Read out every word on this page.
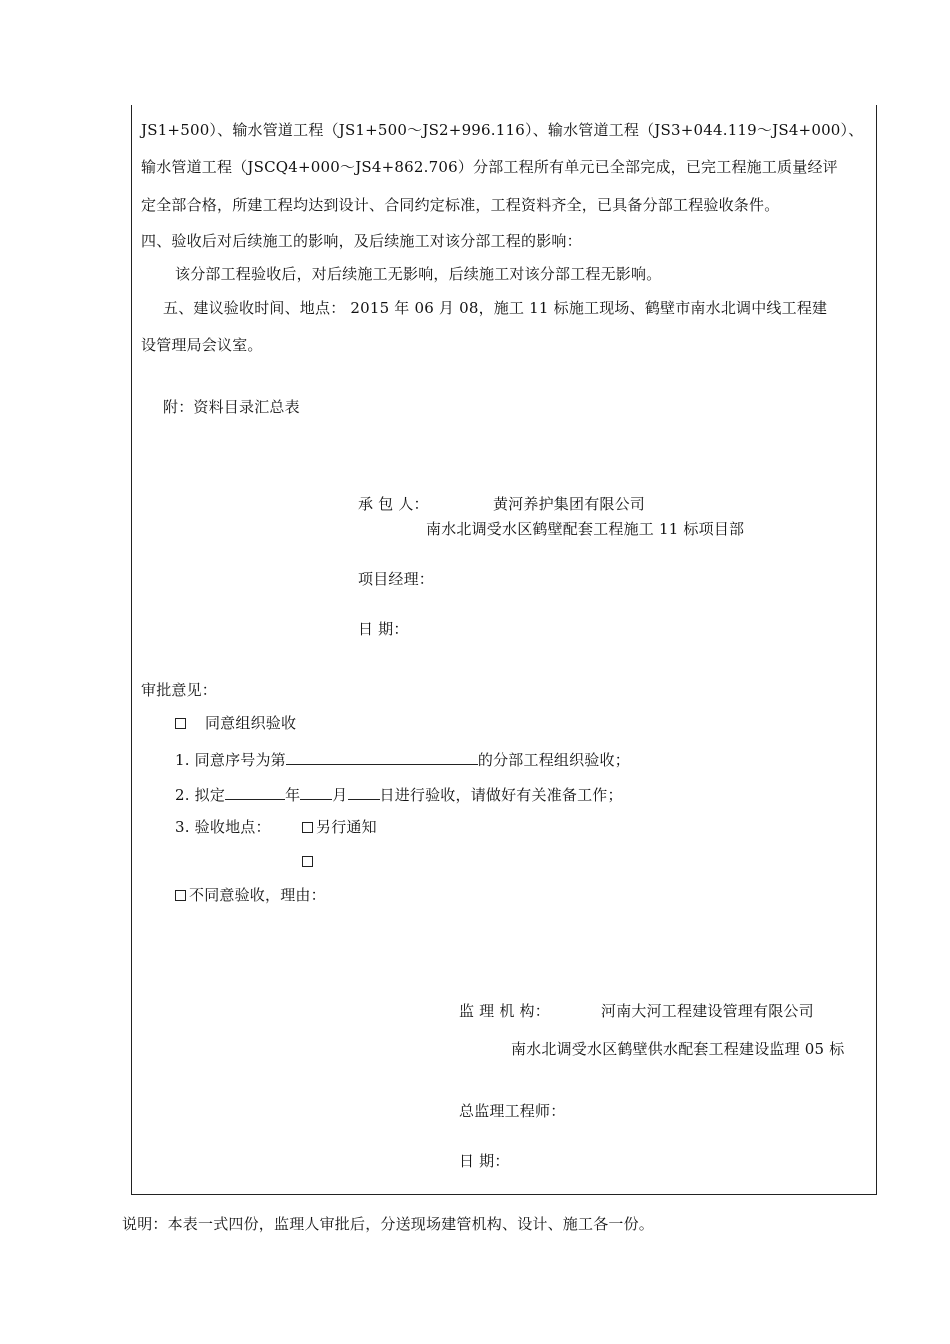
JS1+500）、输水管道工程（JS1+500～JS2+996.116）、输水管道工程（JS3+044.119～JS4+000）、
输水管道工程（JSCQ4+000～JS4+862.706）分部工程所有单元已全部完成，已完工程施工质量经评
定全部合格，所建工程均达到设计、合同约定标准，工程资料齐全，已具备分部工程验收条件。
四、验收后对后续施工的影响，及后续施工对该分部工程的影响：
该分部工程验收后，对后续施工无影响，后续施工对该分部工程无影响。
五、建议验收时间、地点： 2015 年 06 月 08，施工 11 标施工现场、鹤壁市南水北调中线工程建
设管理局会议室。
附：资料目录汇总表
承 包 人：	黄河养护集团有限公司
南水北调受水区鹤壁配套工程施工 11 标项目部
项目经理：
日 期：
审批意见：
同意组织验收
1. 同意序号为第	的分部工程组织验收；
2. 拟定	年 月 日进行验收，请做好有关准备工作；
3. 验收地点：	另行通知
不同意验收，理由：
监 理 机 构：	河南大河工程建设管理有限公司
南水北调受水区鹤壁供水配套工程建设监理 05 标
总监理工程师：
日 期：
说明：本表一式四份，监理人审批后，分送现场建管机构、设计、施工各一份。
